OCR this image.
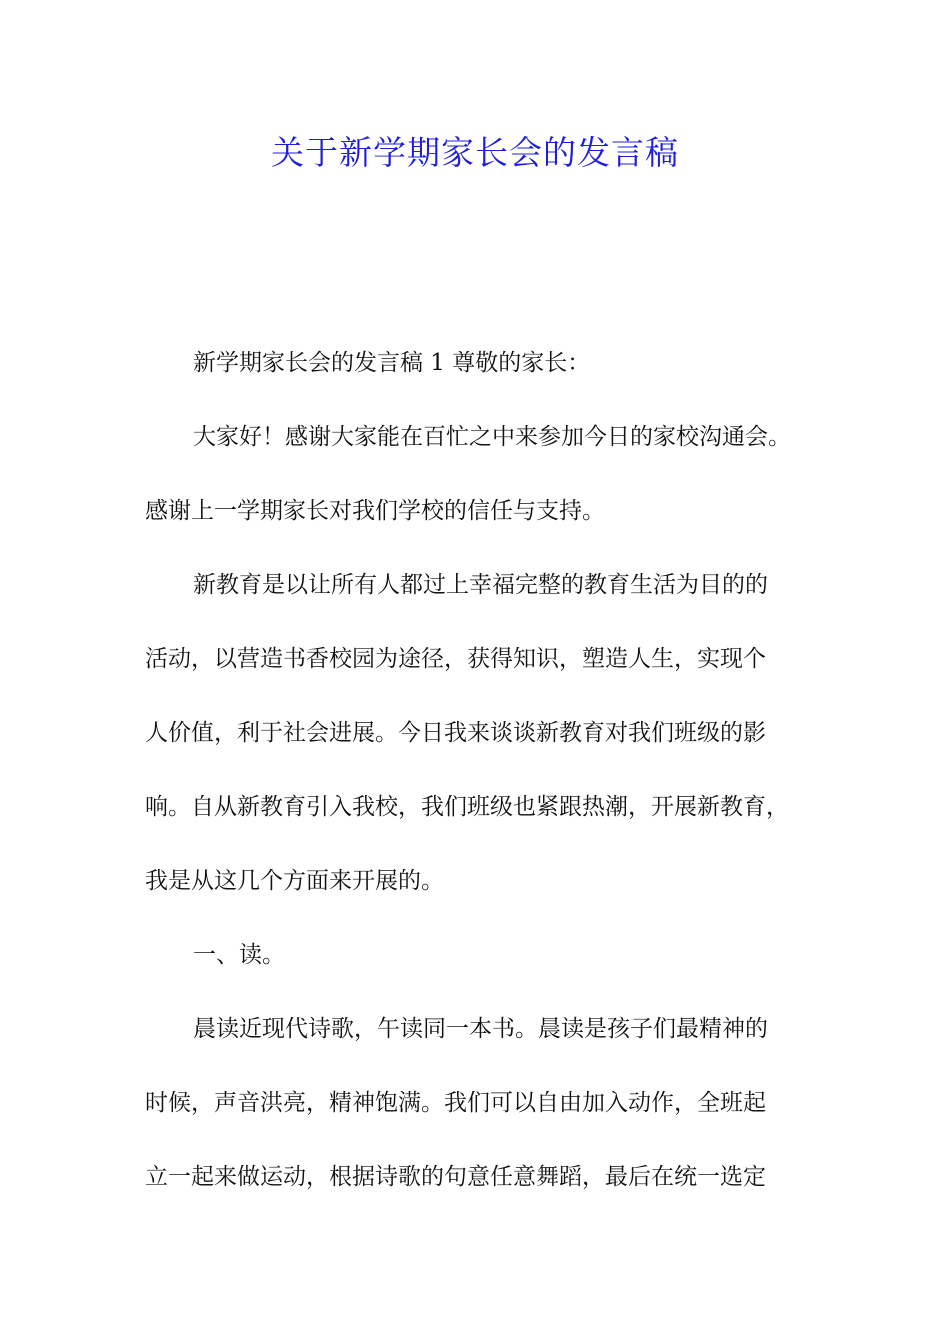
关于新学期家长会的发言稿
新学期家长会的发言稿 1 尊敬的家长：
大家好！感谢大家能在百忙之中来参加今日的家校沟通会。
感谢上一学期家长对我们学校的信任与支持。
新教育是以让所有人都过上幸福完整的教育生活为目的的
活动，以营造书香校园为途径，获得知识，塑造人生，实现个
人价值，利于社会进展。今日我来谈谈新教育对我们班级的影
响。自从新教育引入我校，我们班级也紧跟热潮，开展新教育，
我是从这几个方面来开展的。
一、读。
晨读近现代诗歌，午读同一本书。晨读是孩子们最精神的
时候，声音洪亮，精神饱满。我们可以自由加入动作，全班起
立一起来做运动，根据诗歌的句意任意舞蹈，最后在统一选定
